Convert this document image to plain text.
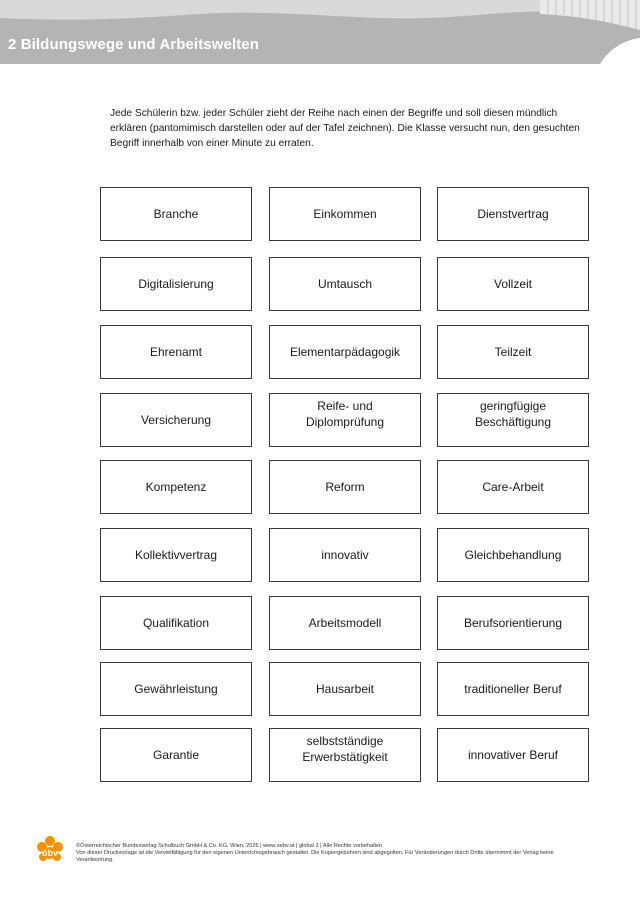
2 Bildungswege und Arbeitswelten
Jede Schülerin bzw. jeder Schüler zieht der Reihe nach einen der Begriffe und soll diesen mündlich erklären (pantomimisch darstellen oder auf der Tafel zeichnen). Die Klasse versucht nun, den gesuchten Begriff innerhalb von einer Minute zu erraten.
Branche	Einkommen	Dienstvertrag
Digitalisierung	Umtausch	Vollzeit
Ehrenamt	Elementarpädagogik	Teilzeit
Versicherung
Reife- und
Diplomprüfung
geringfügige
Beschäftigung
Kompetenz	Reform	Care-Arbeit
Kollektivvertrag	innovativ	Gleichbehandlung
Qualifikation	Arbeitsmodell	Berufsorientierung
Gewährleistung	Hausarbeit	traditioneller Beruf
Garantie
selbstständige
Erwerbstätigkeit	innovativer Beruf
öbv
©Österreichischer Bundesverlag Schulbuch GmbH & Co. KG, Wien, 2026 | www.oebv.at | global 3 | Alle Rechte vorbehalten.
Von dieser Druckvorlage ist die Vervielfältigung für den eigenen Unterrichtsgebrauch gestattet. Die Kopiergebühren sind abgegolten. Für Veränderungen durch Dritte übernimmt der Verlag keine Verantwortung.
